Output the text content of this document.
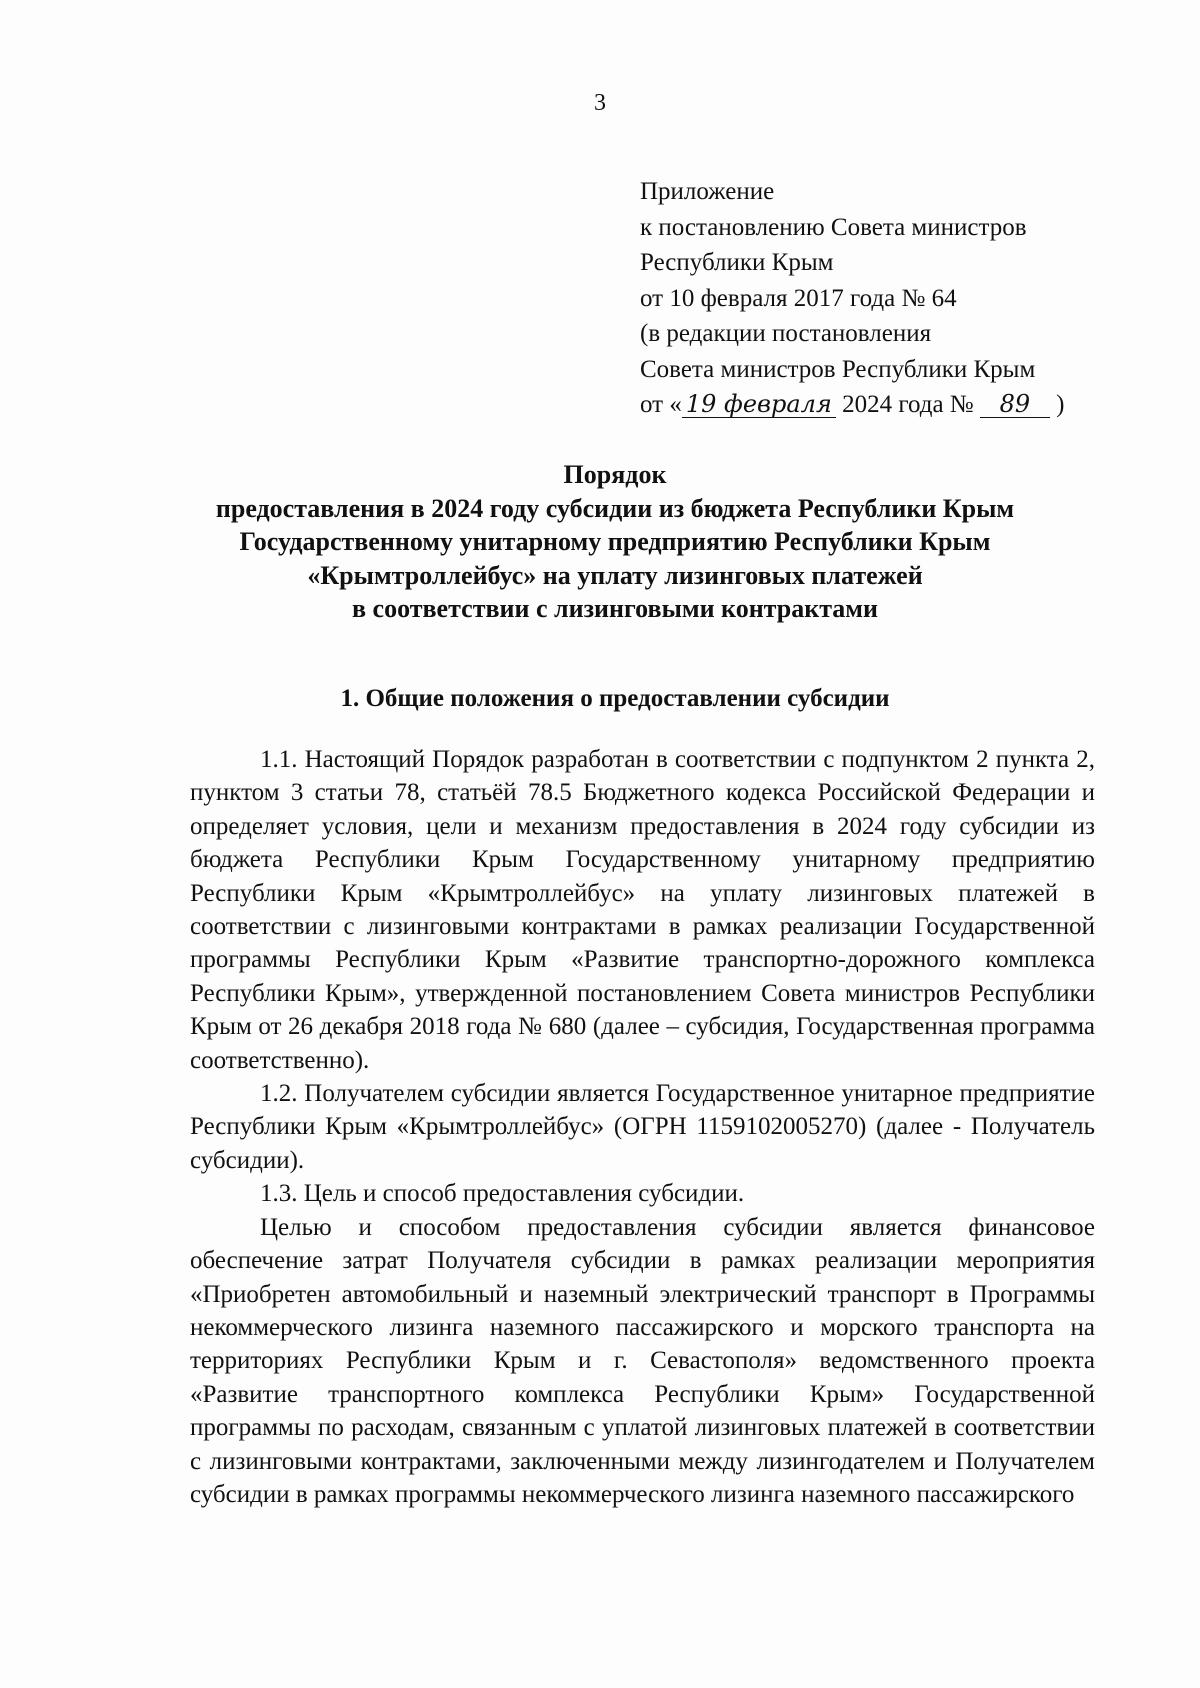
3
Приложение
к постановлению Совета министров
Республики Крым
от 10 февраля 2017 года № 64
(в редакции постановления
Совета министров Республики Крым
от « 19 февраля 2024 года № 89 )
Порядок
предоставления в 2024 году субсидии из бюджета Республики Крым
Государственному унитарному предприятию Республики Крым
«Крымтроллейбус» на уплату лизинговых платежей
в соответствии с лизинговыми контрактами
1. Общие положения о предоставлении субсидии

1.1. Настоящий Порядок разработан в соответствии с подпунктом 2 пункта 2, пунктом 3 статьи 78, статьёй 78.5 Бюджетного кодекса Российской Федерации и определяет условия, цели и механизм предоставления в 2024 году субсидии из бюджета Республики Крым Государственному унитарному предприятию Республики Крым «Крымтроллейбус» на уплату лизинговых платежей в соответствии с лизинговыми контрактами в рамках реализации Государственной программы Республики Крым «Развитие транспортно-дорожного комплекса Республики Крым», утвержденной постановлением Совета министров Республики Крым от 26 декабря 2018 года № 680 (далее – субсидия, Государственная программа соответственно).

1.2. Получателем субсидии является Государственное унитарное предприятие Республики Крым «Крымтроллейбус» (ОГРН 1159102005270) (далее - Получатель субсидии).

1.3. Цель и способ предоставления субсидии.

Целью и способом предоставления субсидии является финансовое обеспечение затрат Получателя субсидии в рамках реализации мероприятия «Приобретен автомобильный и наземный электрический транспорт в Программы некоммерческого лизинга наземного пассажирского и морского транспорта на территориях Республики Крым и г. Севастополя» ведомственного проекта «Развитие транспортного комплекса Республики Крым» Государственной программы по расходам, связанным с уплатой лизинговых платежей в соответствии с лизинговыми контрактами, заключенными между лизингодателем и Получателем субсидии в рамках программы некоммерческого лизинга наземного пассажирского
